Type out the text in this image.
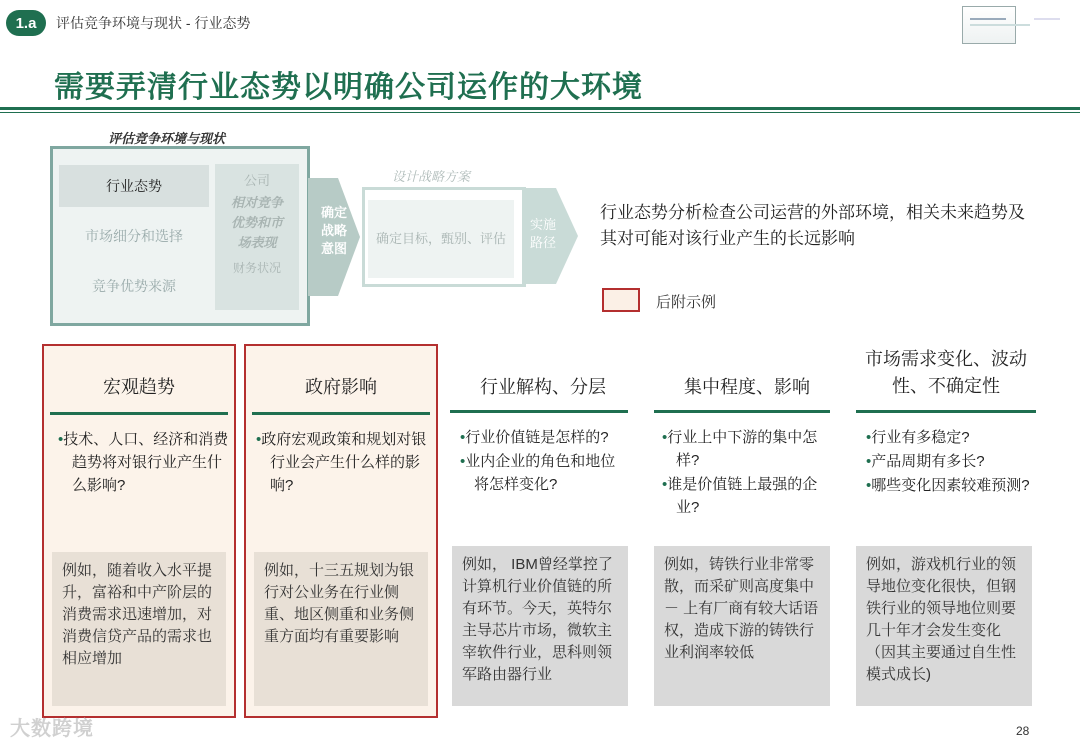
1.a	评估竞争环境与现状 - 行业态势
需要弄清行业态势以明确公司运作的大环境
评估竞争环境与现状
行业态势
市场细分和选择
竞争优势来源
公司
相对竞争优势和市场表现
财务状况
确定战略意图
设计战略方案
确定目标，甄别、评估
实施路径
行业态势分析检查公司运营的外部环境，相关未来趋势及其对可能对该行业产生的长远影响
后附示例
宏观趋势
•技术、人口、经济和消费趋势将对银行业产生什么影响?
例如，随着收入水平提升，富裕和中产阶层的消费需求迅速增加，对消费信贷产品的需求也相应增加
政府影响
•政府宏观政策和规划对银行业会产生什么样的影响?
例如，十三五规划为银行对公业务在行业侧重、地区侧重和业务侧重方面均有重要影响
行业解构、分层
•行业价值链是怎样的?
•业内企业的角色和地位将怎样变化?
例如， IBM曾经掌控了计算机行业价值链的所有环节。今天，英特尔主导芯片市场，微软主宰软件行业，思科则领军路由器行业
集中程度、影响
•行业上中下游的集中怎样?
•谁是价值链上最强的企业?
例如，铸铁行业非常零散，而采矿则高度集中 － 上有厂商有较大话语权，造成下游的铸铁行业利润率较低
市场需求变化、波动性、不确定性
•行业有多稳定?
•产品周期有多长?
•哪些变化因素较难预测?
例如，游戏机行业的领导地位变化很快，但钢铁行业的领导地位则要几十年才会发生变化（因其主要通过自生性模式成长)
大数跨境	28
